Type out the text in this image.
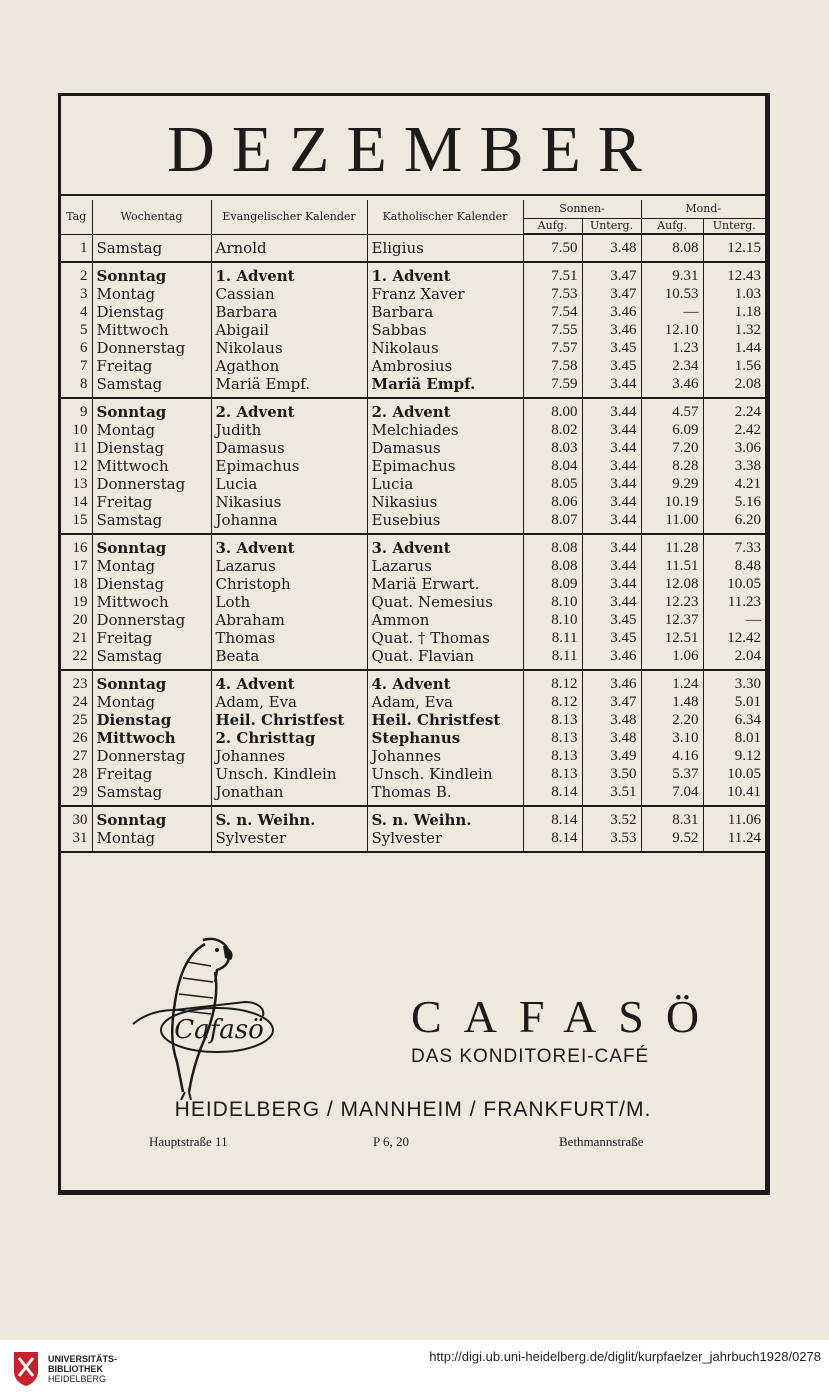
DEZEMBER
Tag	Wochentag	Evangelischer Kalender	Katholischer Kalender	Sonnen-		Mond-	
				Aufg.	Unterg.	Aufg.	Unterg.
1	Samstag	Arnold	Eligius	7.50	3.48	8.08	12.15
2	Sonntag	1. Advent	1. Advent	7.51	3.47	9.31	12.43
3	Montag	Cassian	Franz Xaver	7.53	3.47	10.53	1.03
4	Dienstag	Barbara	Barbara	7.54	3.46	—	1.18
5	Mittwoch	Abigail	Sabbas	7.55	3.46	12.10	1.32
6	Donnerstag	Nikolaus	Nikolaus	7.57	3.45	1.23	1.44
7	Freitag	Agathon	Ambrosius	7.58	3.45	2.34	1.56
8	Samstag	Mariä Empf.	Mariä Empf.	7.59	3.44	3.46	2.08
9	Sonntag	2. Advent	2. Advent	8.00	3.44	4.57	2.24
10	Montag	Judith	Melchiades	8.02	3.44	6.09	2.42
11	Dienstag	Damasus	Damasus	8.03	3.44	7.20	3.06
12	Mittwoch	Epimachus	Epimachus	8.04	3.44	8.28	3.38
13	Donnerstag	Lucia	Lucia	8.05	3.44	9.29	4.21
14	Freitag	Nikasius	Nikasius	8.06	3.44	10.19	5.16
15	Samstag	Johanna	Eusebius	8.07	3.44	11.00	6.20
16	Sonntag	3. Advent	3. Advent	8.08	3.44	11.28	7.33
17	Montag	Lazarus	Lazarus	8.08	3.44	11.51	8.48
18	Dienstag	Christoph	Mariä Erwart.	8.09	3.44	12.08	10.05
19	Mittwoch	Loth	Quat. Nemesius	8.10	3.44	12.23	11.23
20	Donnerstag	Abraham	Ammon	8.10	3.45	12.37	—
21	Freitag	Thomas	Quat. † Thomas	8.11	3.45	12.51	12.42
22	Samstag	Beata	Quat. Flavian	8.11	3.46	1.06	2.04
23	Sonntag	4. Advent	4. Advent	8.12	3.46	1.24	3.30
24	Montag	Adam, Eva	Adam, Eva	8.12	3.47	1.48	5.01
25	Dienstag	Heil. Christfest	Heil. Christfest	8.13	3.48	2.20	6.34
26	Mittwoch	2. Christtag	Stephanus	8.13	3.48	3.10	8.01
27	Donnerstag	Johannes	Johannes	8.13	3.49	4.16	9.12
28	Freitag	Unsch. Kindlein	Unsch. Kindlein	8.13	3.50	5.37	10.05
29	Samstag	Jonathan	Thomas B.	8.14	3.51	7.04	10.41
30	Sonntag	S. n. Weihn.	S. n. Weihn.	8.14	3.52	8.31	11.06
31	Montag	Sylvester	Sylvester	8.14	3.53	9.52	11.24
Cafasö	CAFASÖ
DAS KONDITOREI-CAFÉ
HEIDELBERG / MANNHEIM / FRANKFURT/M.
Hauptstraße 11	P 6, 20	Bethmannstraße
UNIVERSITÄTS-
BIBLIOTHEK
HEIDELBERG
http://digi.ub.uni-heidelberg.de/diglit/kurpfaelzer_jahrbuch1928/0278
